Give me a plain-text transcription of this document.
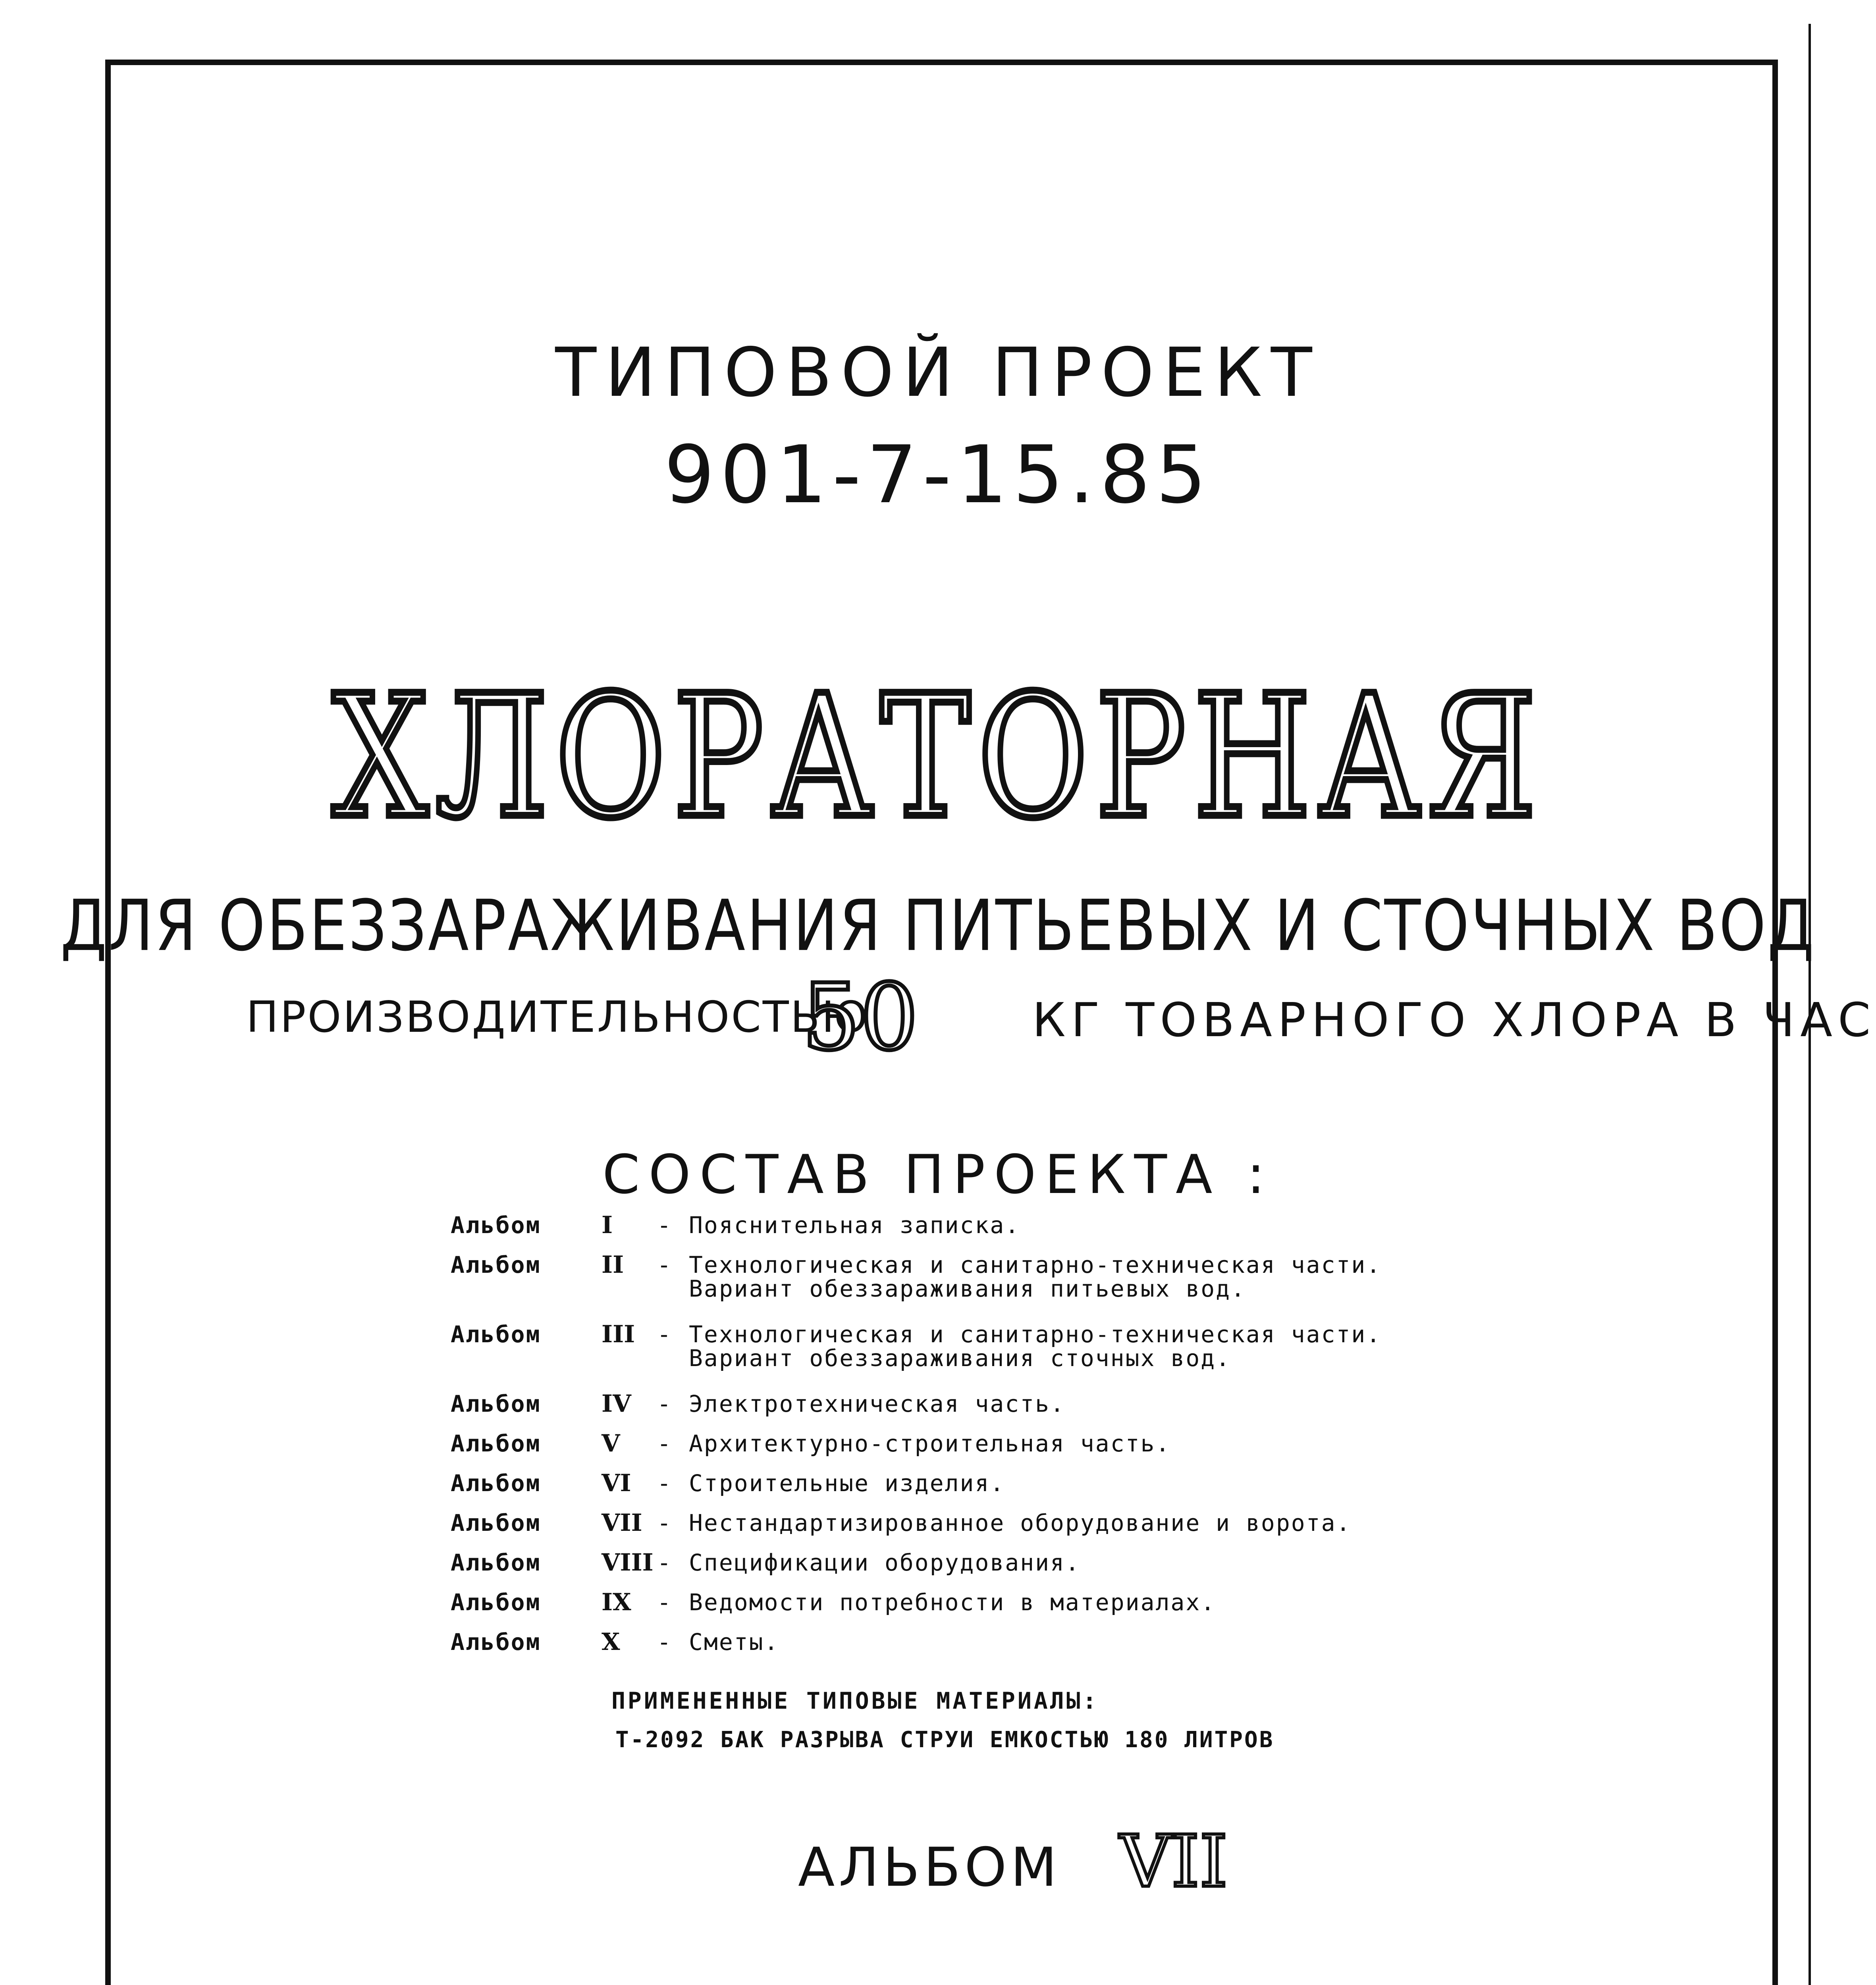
ТИПОВОЙ ПРОЕКТ
901-7-15.85
ХЛОРАТОРНАЯ
ДЛЯ ОБЕЗЗАРАЖИВАНИЯ ПИТЬЕВЫХ И СТОЧНЫХ ВОД
ПРОИЗВОДИТЕЛЬНОСТЬЮ
50 КГ ТОВАРНОГО ХЛОРА В ЧАС
СОСТАВ ПРОЕКТА :
Альбом	I - Пояснительная записка.
Альбом	II - Технологическая и санитарно-техническая части.
Вариант обеззараживания питьевых вод.
Альбом	III - Технологическая и санитарно-техническая части.
Вариант обеззараживания сточных вод.
Альбом	IV - Электротехническая часть.
Альбом	V - Архитектурно-строительная часть.
Альбом	VI - Строительные изделия.
Альбом	VII - Нестандартизированное оборудование и ворота.
Альбом	VIII - Спецификации оборудования.
Альбом	IX - Ведомости потребности в материалах.
Альбом	X - Сметы.
ПРИМЕНЕННЫЕ ТИПОВЫЕ МАТЕРИАЛЫ:
Т-2092 БАК РАЗРЫВА СТРУИ ЕМКОСТЬЮ 180 ЛИТРОВ
АЛЬБОМ VII
